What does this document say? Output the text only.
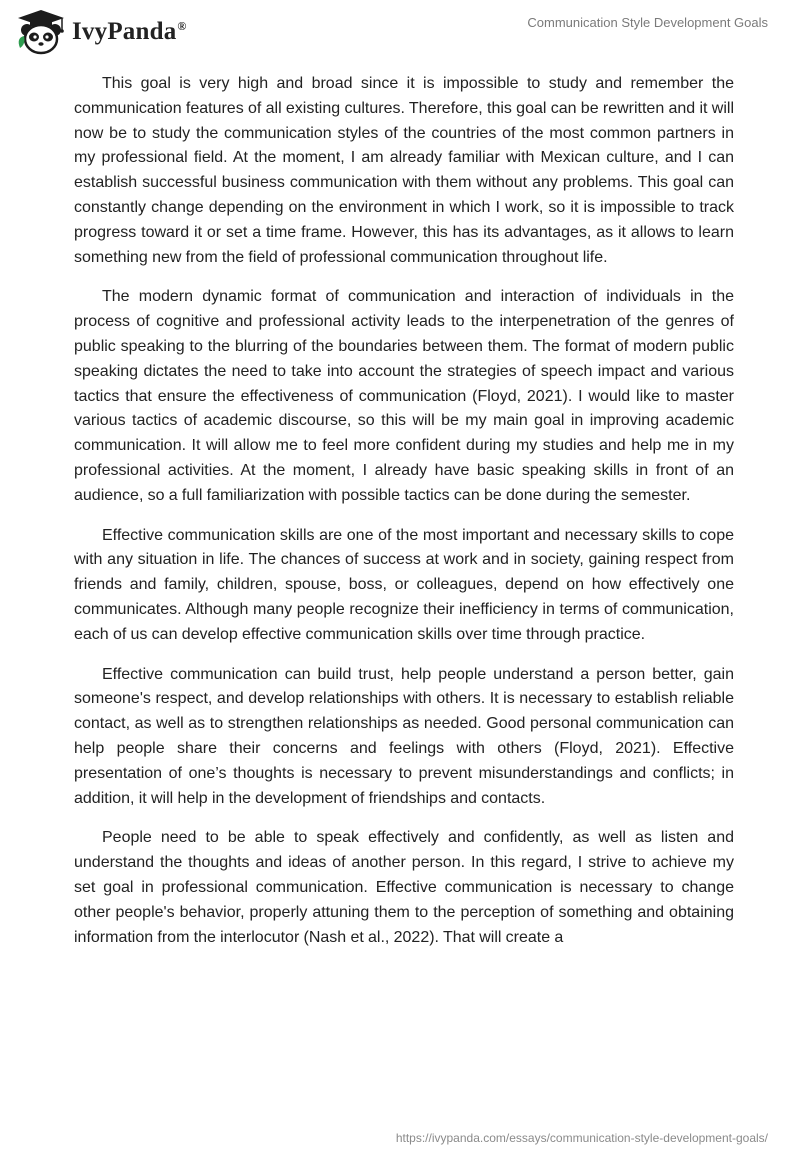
IvyPanda®	Communication Style Development Goals

This goal is very high and broad since it is impossible to study and remember the communication features of all existing cultures. Therefore, this goal can be rewritten and it will now be to study the communication styles of the countries of the most common partners in my professional field. At the moment, I am already familiar with Mexican culture, and I can establish successful business communication with them without any problems. This goal can constantly change depending on the environment in which I work, so it is impossible to track progress toward it or set a time frame. However, this has its advantages, as it allows to learn something new from the field of professional communication throughout life.

The modern dynamic format of communication and interaction of individuals in the process of cognitive and professional activity leads to the interpenetration of the genres of public speaking to the blurring of the boundaries between them. The format of modern public speaking dictates the need to take into account the strategies of speech impact and various tactics that ensure the effectiveness of communication (Floyd, 2021). I would like to master various tactics of academic discourse, so this will be my main goal in improving academic communication. It will allow me to feel more confident during my studies and help me in my professional activities. At the moment, I already have basic speaking skills in front of an audience, so a full familiarization with possible tactics can be done during the semester.

Effective communication skills are one of the most important and necessary skills to cope with any situation in life. The chances of success at work and in society, gaining respect from friends and family, children, spouse, boss, or colleagues, depend on how effectively one communicates. Although many people recognize their inefficiency in terms of communication, each of us can develop effective communication skills over time through practice.

Effective communication can build trust, help people understand a person better, gain someone's respect, and develop relationships with others. It is necessary to establish reliable contact, as well as to strengthen relationships as needed. Good personal communication can help people share their concerns and feelings with others (Floyd, 2021). Effective presentation of one’s thoughts is necessary to prevent misunderstandings and conflicts; in addition, it will help in the development of friendships and contacts.

People need to be able to speak effectively and confidently, as well as listen and understand the thoughts and ideas of another person. In this regard, I strive to achieve my set goal in professional communication. Effective communication is necessary to change other people's behavior, properly attuning them to the perception of something and obtaining information from the interlocutor (Nash et al., 2022). That will create a

https://ivypanda.com/essays/communication-style-development-goals/
